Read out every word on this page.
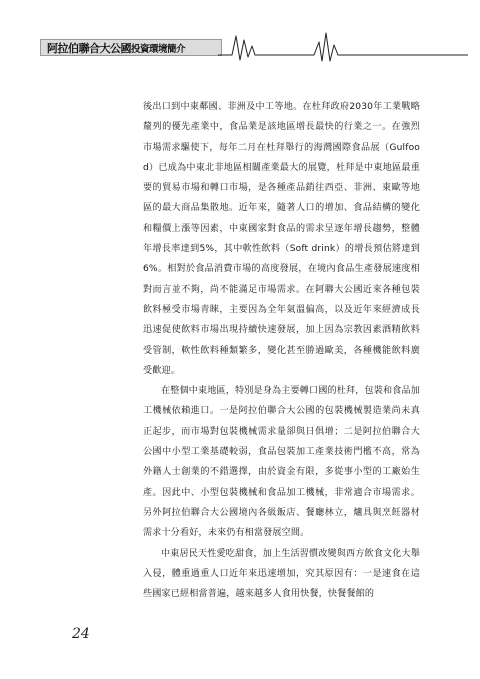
阿拉伯聯合大公國投資環境簡介

後出口到中東鄰國、非洲及中工等地。在杜拜政府2030年工業戰略釐列的優先產業中，食品業是該地區增長最快的行業之一。在強烈市場需求驅使下，每年二月在杜拜舉行的海灣國際食品展（Gulfood）已成為中東北非地區相關產業最大的展覽，杜拜是中東地區最重要的貿易市場和轉口市場，是各種產品銷往西亞、非洲、東歐等地區的最大商品集散地。近年來，隨著人口的增加、食品結構的變化和糧價上漲等因素，中東國家對食品的需求呈逐年增長趨勢，整體年增長率達到5%，其中軟性飲料（Soft drink）的增長預估將達到6%。相對於食品消費市場的高度發展，在境內食品生產發展速度相對而言並不夠，尚不能滿足市場需求。在阿聯大公國近來各種包裝飲料極受市場青睞，主要因為全年氣溫偏高，以及近年來經濟成長迅速促使飲料市場出現持續快速發展，加上因為宗教因素酒精飲料受管制，軟性飲料種類繁多，變化甚至勝過歐美，各種機能飲料廣受歡迎。

在整個中東地區，特別是身為主要轉口國的杜拜，包裝和食品加工機械依賴進口。一是阿拉伯聯合大公國的包裝機械製造業尚未真正起步，而市場對包裝機械需求量卻與日俱增；二是阿拉伯聯合大公國中小型工業基礎較弱，食品包裝加工產業技術門檻不高，常為外籍人士創業的不錯選擇，由於資金有限，多從事小型的工廠始生產。因此中、小型包裝機械和食品加工機械，非常適合市場需求。另外阿拉伯聯合大公國境內各級飯店、餐廳林立，爐具與烹飪器材需求十分看好，未來仍有相當發展空間。

中東居民天性愛吃甜食，加上生活習慣改變與西方飲食文化大舉入侵，體重過重人口近年來迅速增加，究其原因有：一是速食在這些國家已經相當普遍，越來越多人食用快餐，快餐餐館的

24
